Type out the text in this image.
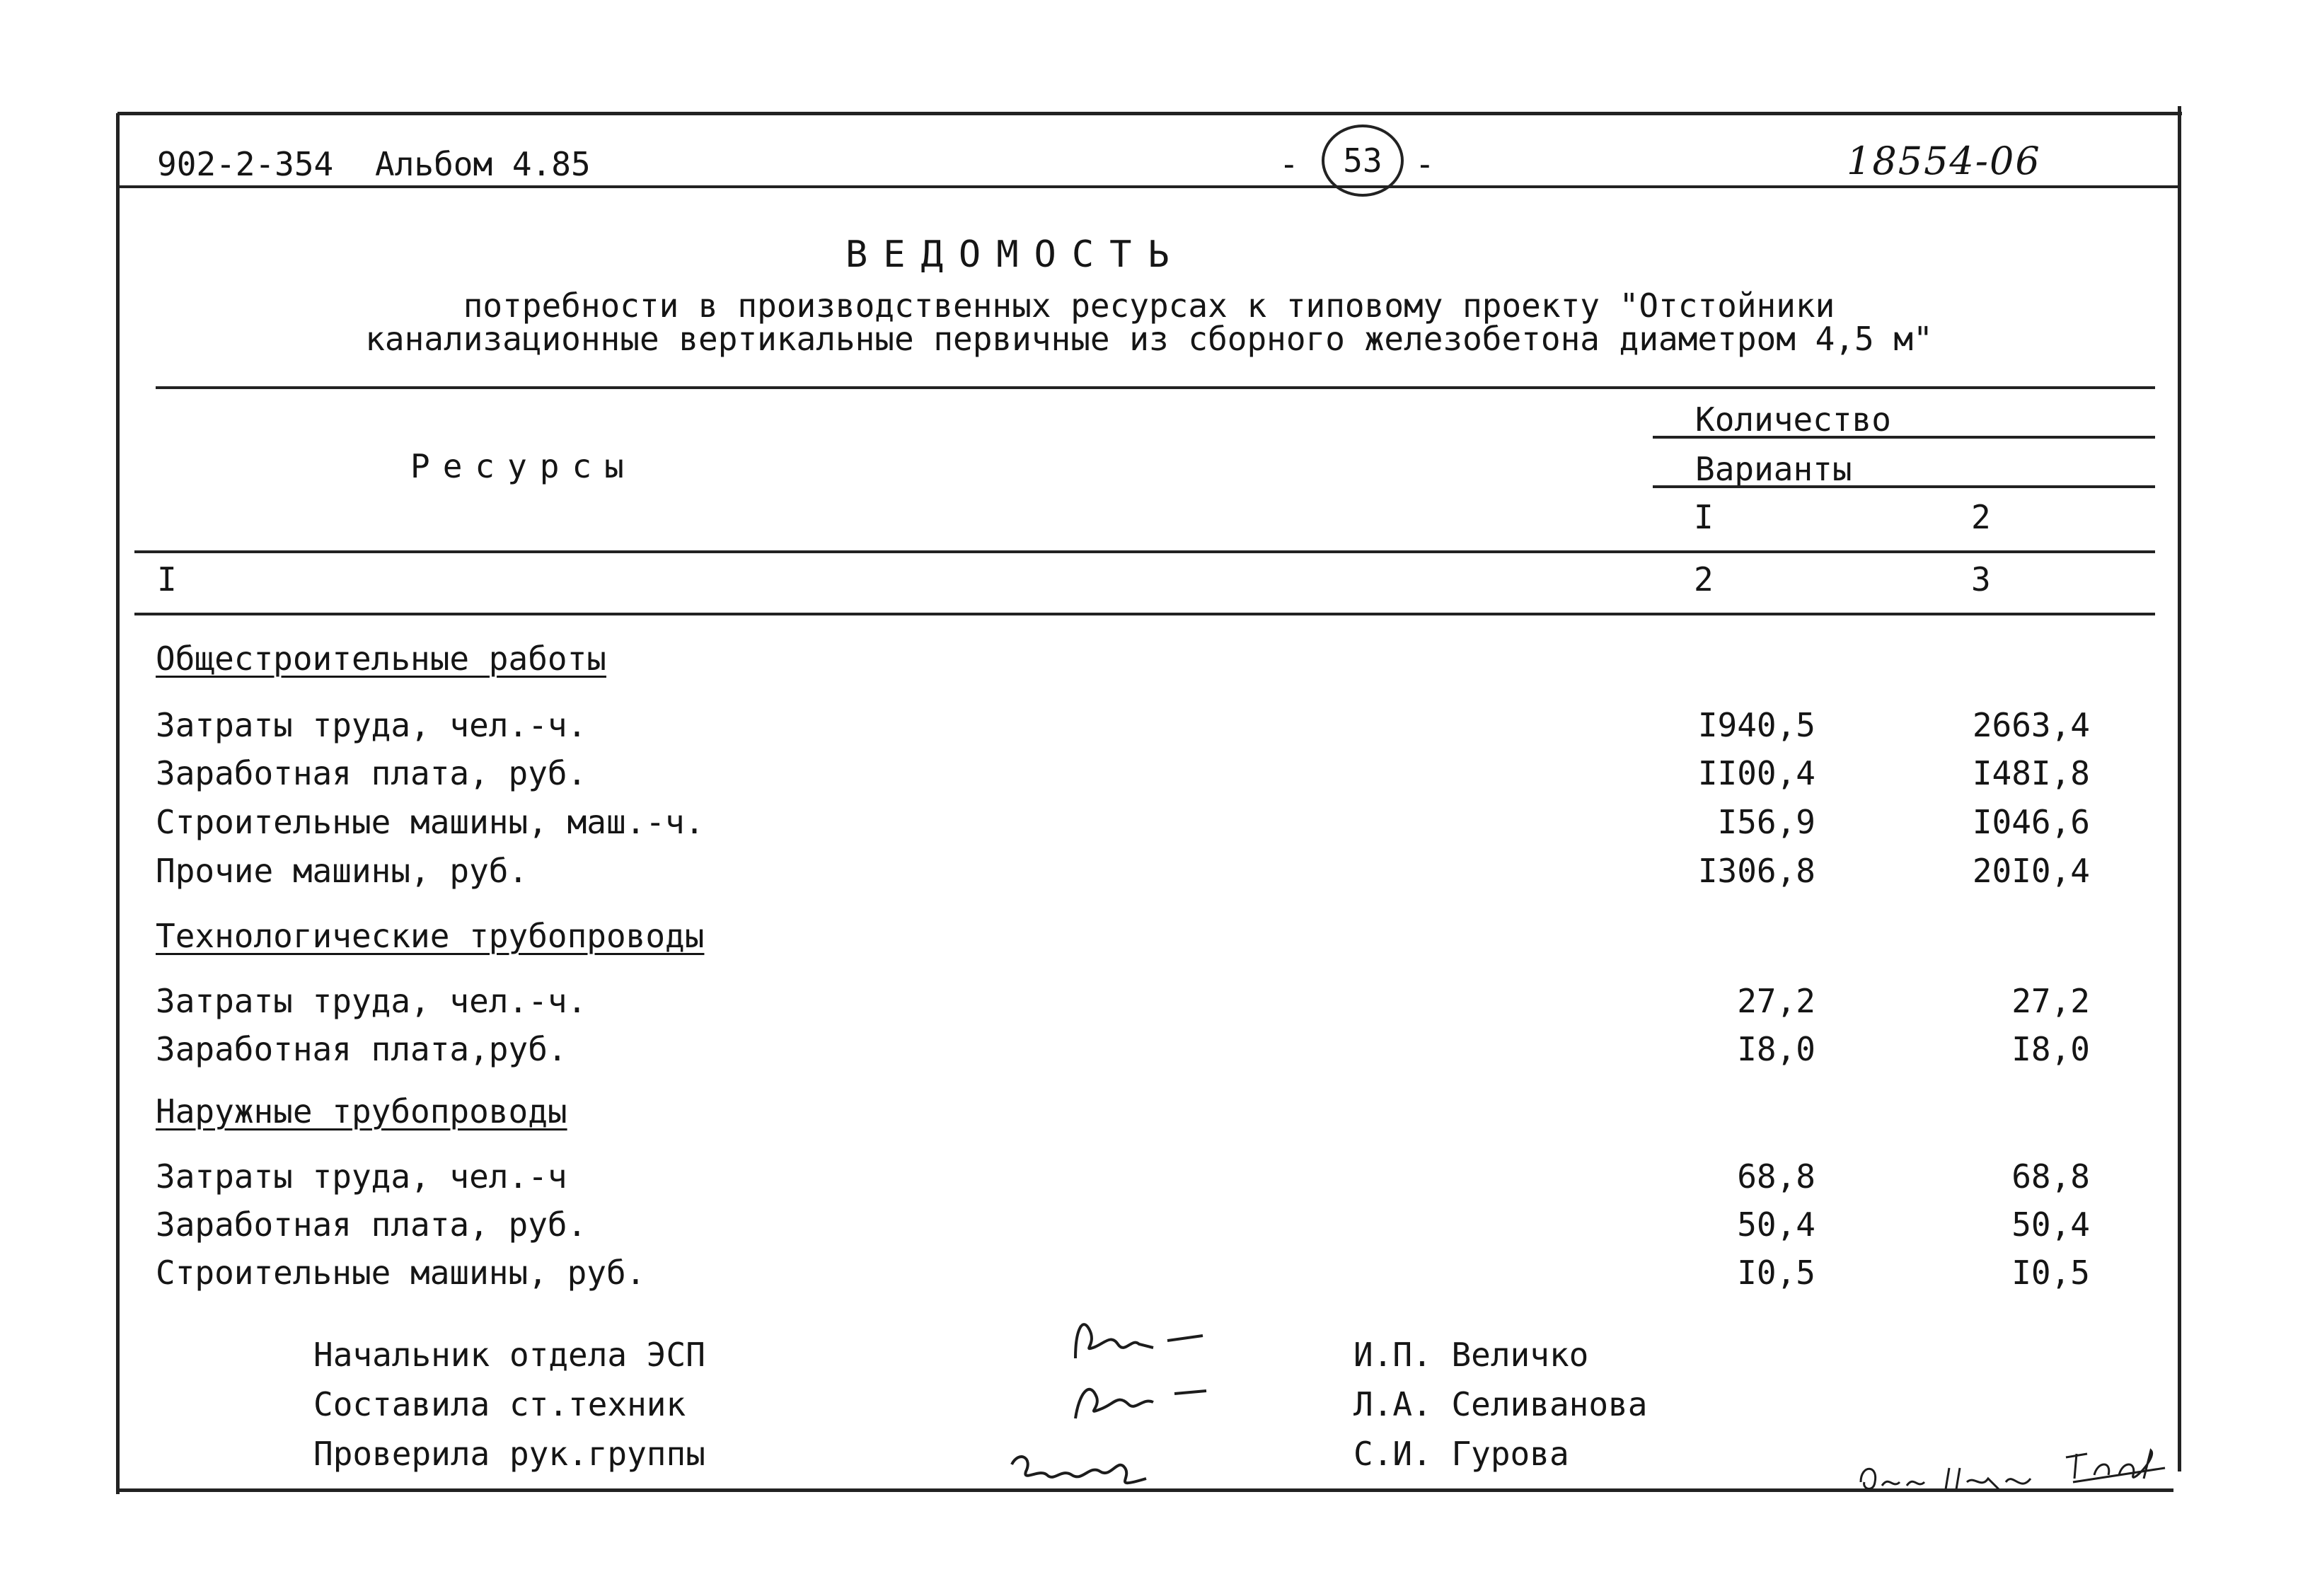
902-2-354 Альбом 4.85	-	53	-	18554-06
ВЕДОМОСТЬ
потребности в производственных ресурсах к типовому проекту "Отстойники
канализационные вертикальные первичные из сборного железобетона диаметром 4,5 м"
Ресурсы
Количество
Варианты
I	2
I	2	3
Общестроительные работы
Затраты труда, чел.-ч.	I940,5	2663,4
Заработная плата, руб.	II00,4	I48I,8
Строительные машины, маш.-ч.	I56,9	I046,6
Прочие машины, руб.	I306,8	20I0,4
Технологические трубопроводы
Затраты труда, чел.-ч.	27,2	27,2
Заработная плата,руб.	I8,0	I8,0
Наружные трубопроводы
Затраты труда, чел.-ч	68,8	68,8
Заработная плата, руб.	50,4	50,4
Строительные машины, руб.	I0,5	I0,5
Начальник отдела ЭСП	И.П. Величко
Составила ст.техник	Л.А. Селиванова
Проверила рук.группы	С.И. Гурова
